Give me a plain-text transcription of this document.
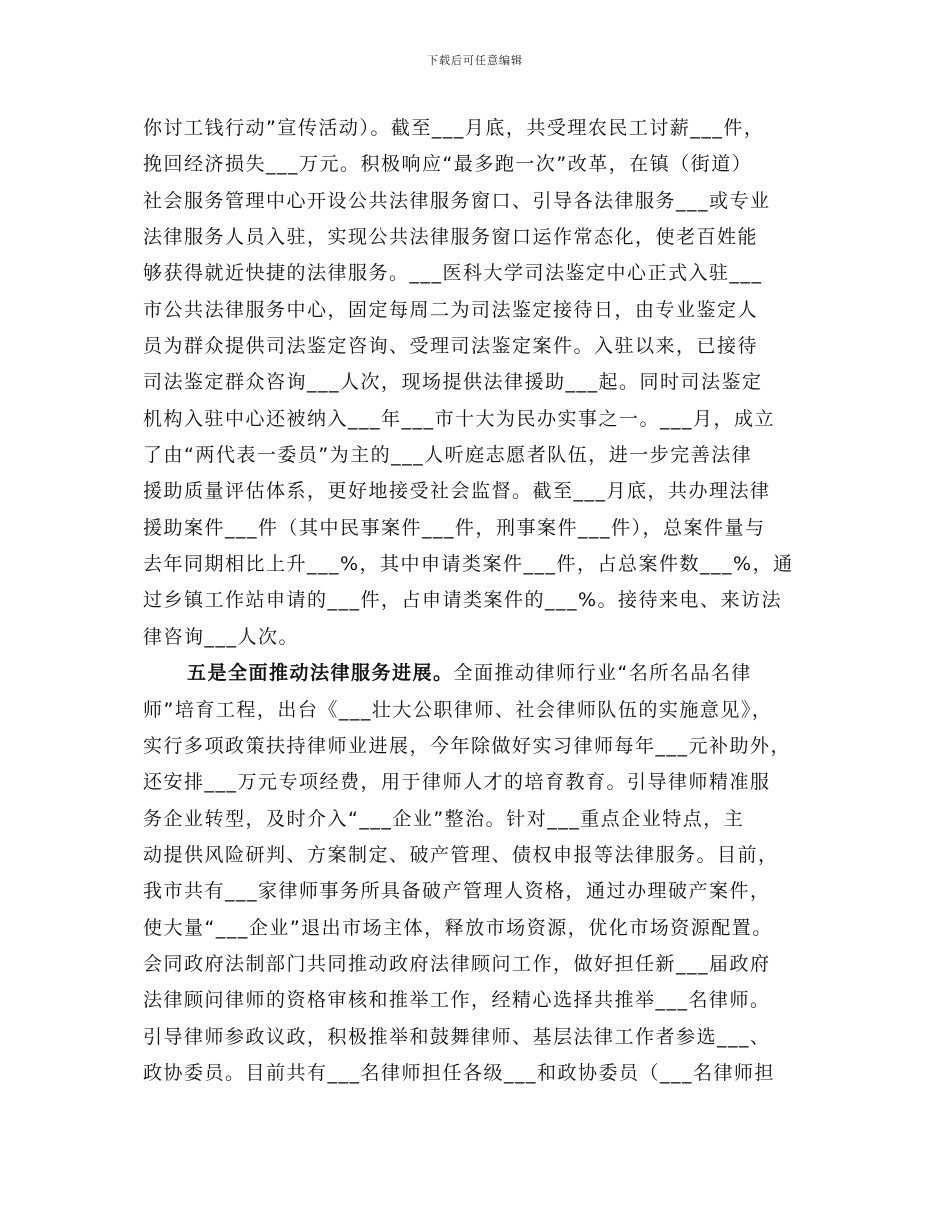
下载后可任意编辑
你讨工钱行动”宣传活动）。截至___月底，共受理农民工讨薪___件，
挽回经济损失___万元。积极响应“最多跑一次”改革，在镇（街道）
社会服务管理中心开设公共法律服务窗口、引导各法律服务___或专业
法律服务人员入驻，实现公共法律服务窗口运作常态化，使老百姓能
够获得就近快捷的法律服务。___医科大学司法鉴定中心正式入驻___
市公共法律服务中心，固定每周二为司法鉴定接待日，由专业鉴定人
员为群众提供司法鉴定咨询、受理司法鉴定案件。入驻以来，已接待
司法鉴定群众咨询___人次，现场提供法律援助___起。同时司法鉴定
机构入驻中心还被纳入___年___市十大为民办实事之一。___月，成立
了由“两代表一委员”为主的___人听庭志愿者队伍，进一步完善法律
援助质量评估体系，更好地接受社会监督。截至___月底，共办理法律
援助案件___件（其中民事案件___件，刑事案件___件），总案件量与
去年同期相比上升___%，其中申请类案件___件，占总案件数___%，通
过乡镇工作站申请的___件，占申请类案件的___%。接待来电、来访法
律咨询___人次。
五是全面推动法律服务进展。全面推动律师行业“名所名品名律
师”培育工程，出台《___壮大公职律师、社会律师队伍的实施意见》，
实行多项政策扶持律师业进展，今年除做好实习律师每年___元补助外，
还安排___万元专项经费，用于律师人才的培育教育。引导律师精准服
务企业转型，及时介入“___企业”整治。针对___重点企业特点，主
动提供风险研判、方案制定、破产管理、债权申报等法律服务。目前，
我市共有___家律师事务所具备破产管理人资格，通过办理破产案件，
使大量“___企业”退出市场主体，释放市场资源，优化市场资源配置。
会同政府法制部门共同推动政府法律顾问工作，做好担任新___届政府
法律顾问律师的资格审核和推举工作，经精心选择共推举___名律师。
引导律师参政议政，积极推举和鼓舞律师、基层法律工作者参选___、
政协委员。目前共有___名律师担任各级___和政协委员（___名律师担
